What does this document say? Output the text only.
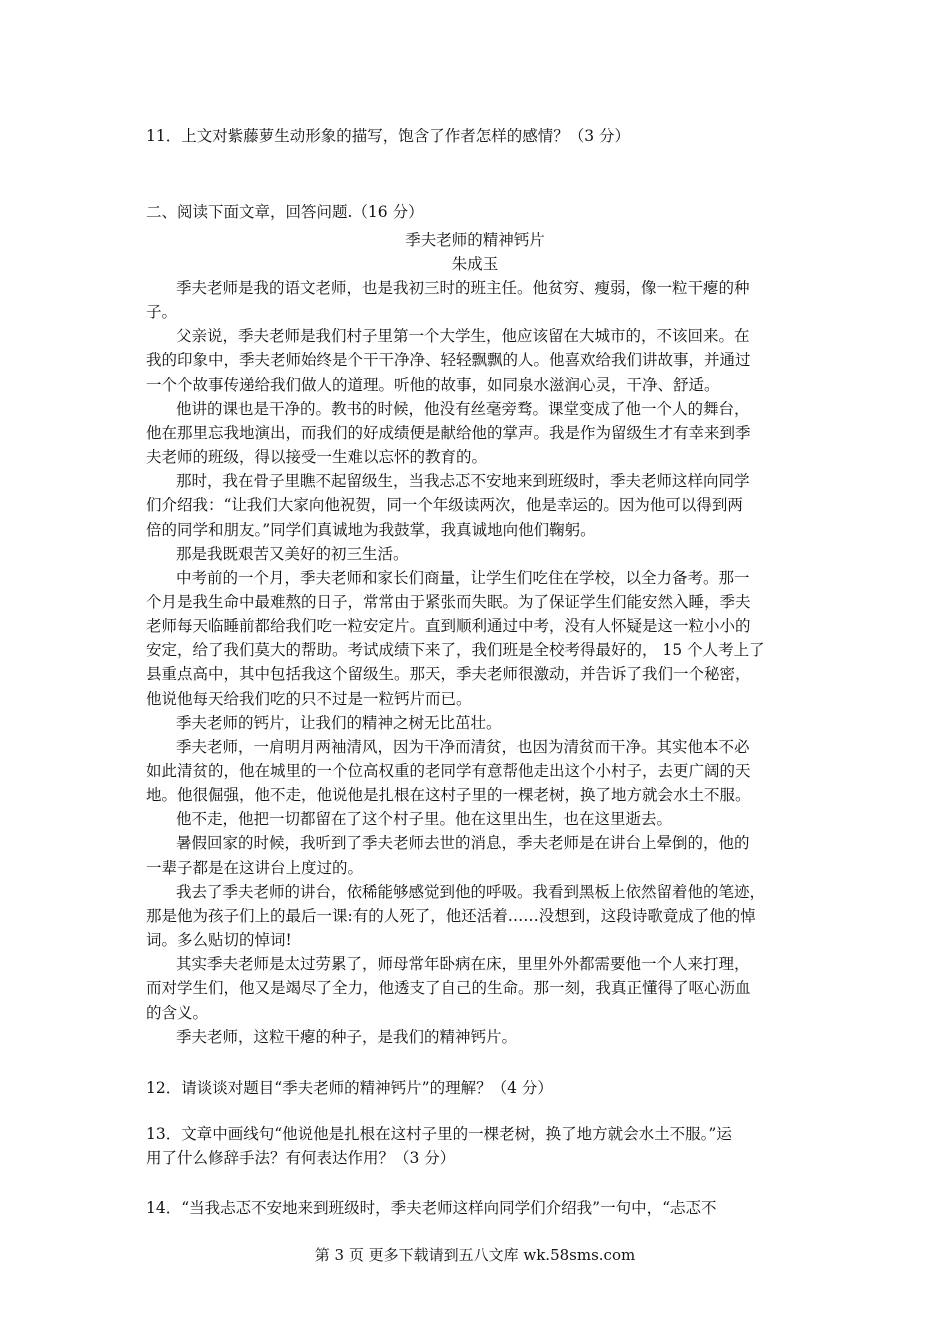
11．上文对紫藤萝生动形象的描写，饱含了作者怎样的感情？（3 分）
二、阅读下面文章，回答问题.（16 分）
季夫老师的精神钙片
朱成玉
季夫老师是我的语文老师，也是我初三时的班主任。他贫穷、瘦弱，像一粒干瘪的种
子。
父亲说，季夫老师是我们村子里第一个大学生，他应该留在大城市的，不该回来。在
我的印象中，季夫老师始终是个干干净净、轻轻飘飘的人。他喜欢给我们讲故事，并通过
一个个故事传递给我们做人的道理。听他的故事，如同泉水滋润心灵，干净、舒适。
他讲的课也是干净的。教书的时候，他没有丝毫旁骛。课堂变成了他一个人的舞台，
他在那里忘我地演出，而我们的好成绩便是献给他的掌声。我是作为留级生才有幸来到季
夫老师的班级，得以接受一生难以忘怀的教育的。
那时，我在骨子里瞧不起留级生，当我忐忑不安地来到班级时，季夫老师这样向同学
们介绍我：“让我们大家向他祝贺，同一个年级读两次，他是幸运的。因为他可以得到两
倍的同学和朋友。”同学们真诚地为我鼓掌，我真诚地向他们鞠躬。
那是我既艰苦又美好的初三生活。
中考前的一个月，季夫老师和家长们商量，让学生们吃住在学校，以全力备考。那一
个月是我生命中最难熬的日子，常常由于紧张而失眠。为了保证学生们能安然入睡，季夫
老师每天临睡前都给我们吃一粒安定片。直到顺利通过中考，没有人怀疑是这一粒小小的
安定，给了我们莫大的帮助。考试成绩下来了，我们班是全校考得最好的， 15 个人考上了
县重点高中，其中包括我这个留级生。那天，季夫老师很激动，并告诉了我们一个秘密，
他说他每天给我们吃的只不过是一粒钙片而已。
季夫老师的钙片，让我们的精神之树无比茁壮。
季夫老师，一肩明月两袖清风，因为干净而清贫，也因为清贫而干净。其实他本不必
如此清贫的，他在城里的一个位高权重的老同学有意帮他走出这个小村子，去更广阔的天
地。他很倔强，他不走，他说他是扎根在这村子里的一棵老树，换了地方就会水土不服。
他不走，他把一切都留在了这个村子里。他在这里出生，也在这里逝去。
暑假回家的时候，我听到了季夫老师去世的消息，季夫老师是在讲台上晕倒的，他的
一辈子都是在这讲台上度过的。
我去了季夫老师的讲台，依稀能够感觉到他的呼吸。我看到黑板上依然留着他的笔迹，
那是他为孩子们上的最后一课:有的人死了，他还活着……没想到，这段诗歌竟成了他的悼
词。多么贴切的悼词!
其实季夫老师是太过劳累了，师母常年卧病在床，里里外外都需要他一个人来打理，
而对学生们，他又是竭尽了全力，他透支了自己的生命。那一刻，我真正懂得了呕心沥血
的含义。
季夫老师，这粒干瘪的种子，是我们的精神钙片。
12．请谈谈对题目“季夫老师的精神钙片”的理解？（4 分）
13．文章中画线句“他说他是扎根在这村子里的一棵老树，换了地方就会水土不服。”运
用了什么修辞手法？有何表达作用？（3 分）
14．“当我忐忑不安地来到班级时，季夫老师这样向同学们介绍我”一句中，“忐忑不
第 3 页 更多下载请到五八文库 wk.58sms.com
